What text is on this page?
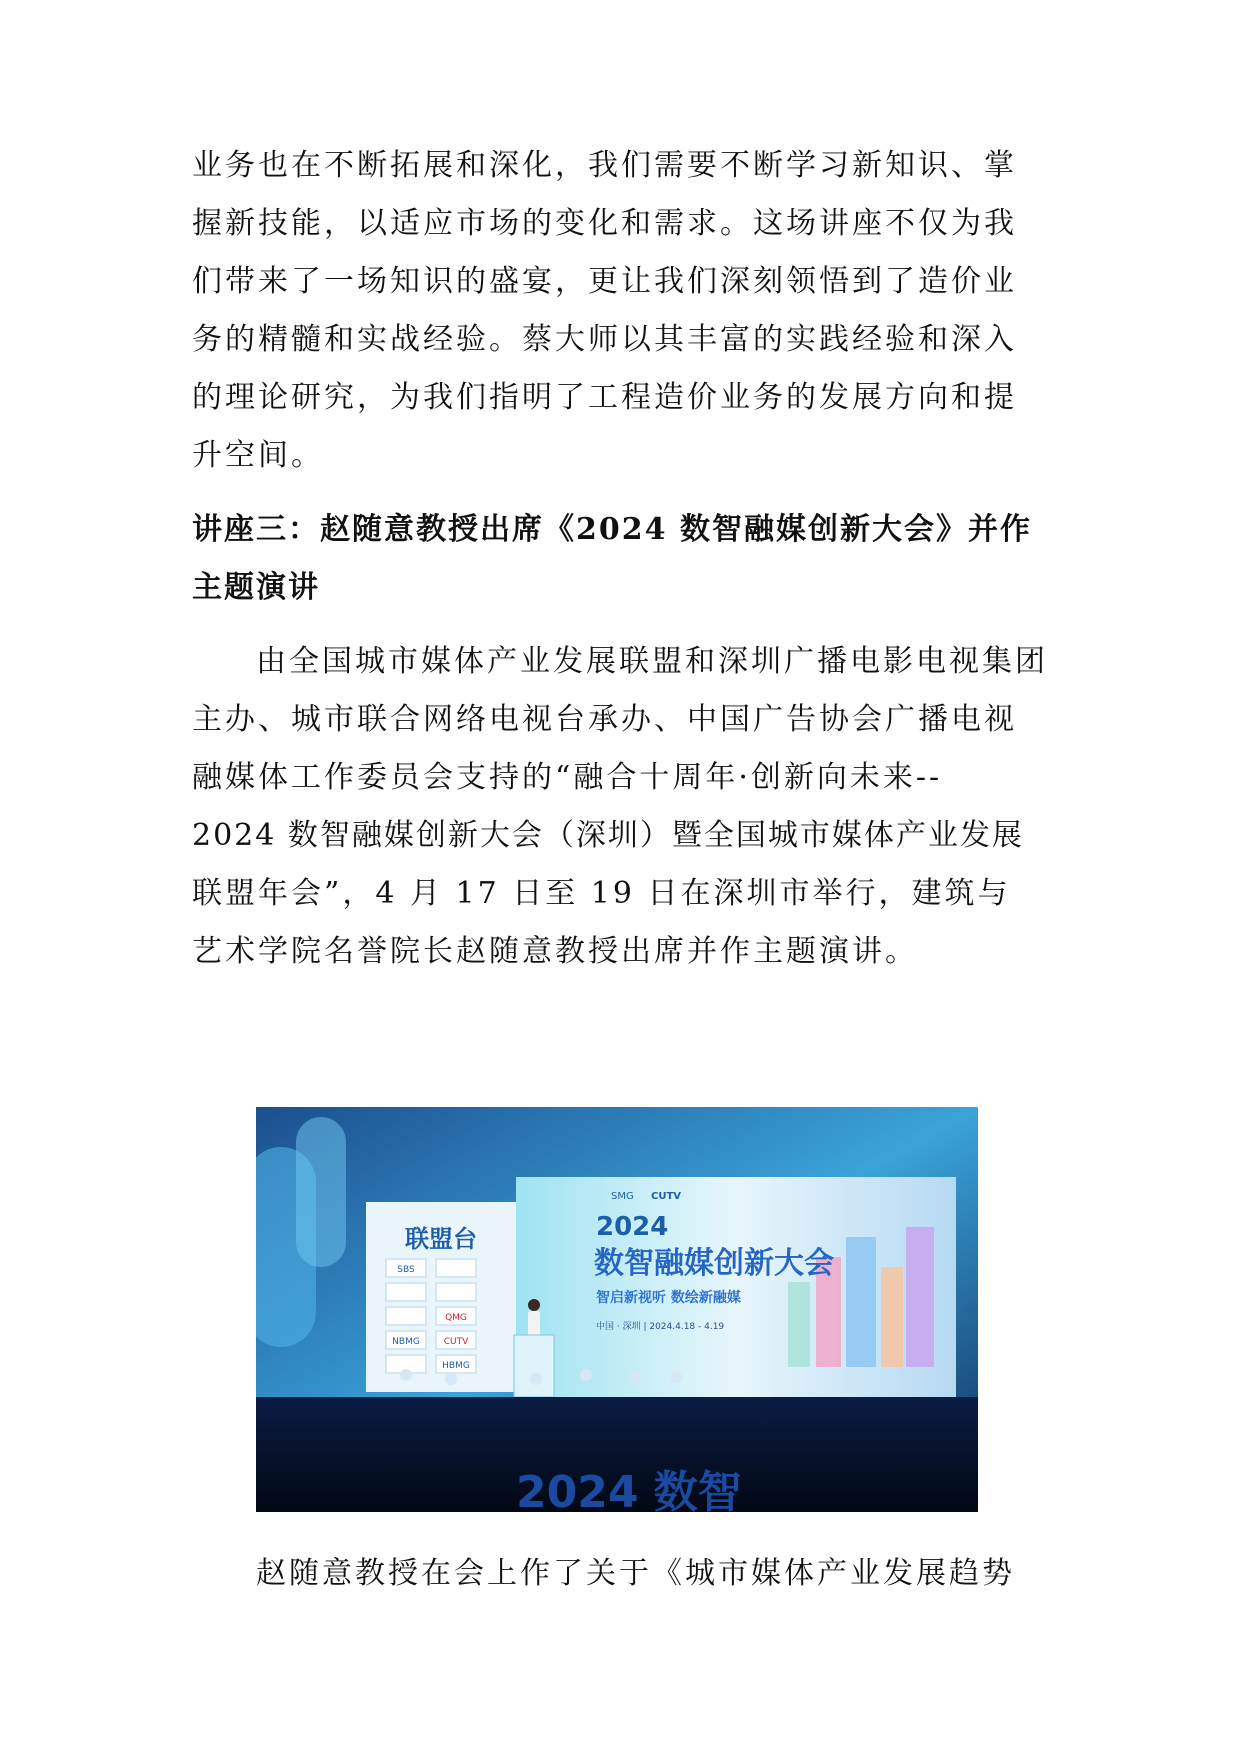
业务也在不断拓展和深化，我们需要不断学习新知识、掌
握新技能，以适应市场的变化和需求。这场讲座不仅为我
们带来了一场知识的盛宴，更让我们深刻领悟到了造价业
务的精髓和实战经验。蔡大师以其丰富的实践经验和深入
的理论研究，为我们指明了工程造价业务的发展方向和提
升空间。
讲座三：赵随意教授出席《2024 数智融媒创新大会》并作
主题演讲
由全国城市媒体产业发展联盟和深圳广播电影电视集团
主办、城市联合网络电视台承办、中国广告协会广播电视
融媒体工作委员会支持的“融合十周年·创新向未来--
2024 数智融媒创新大会（深圳）暨全国城市媒体产业发展
联盟年会”，4 月 17 日至 19 日在深圳市举行，建筑与
艺术学院名誉院长赵随意教授出席并作主题演讲。
联盟台
SBS
QMG
NBMG	CUTV
HBMG
SMG CUTV
2024
数智融媒创新大会
智启新视听 数绘新融媒
中国 · 深圳 | 2024.4.18 - 4.19
2024 数智
赵随意教授在会上作了关于《城市媒体产业发展趋势
